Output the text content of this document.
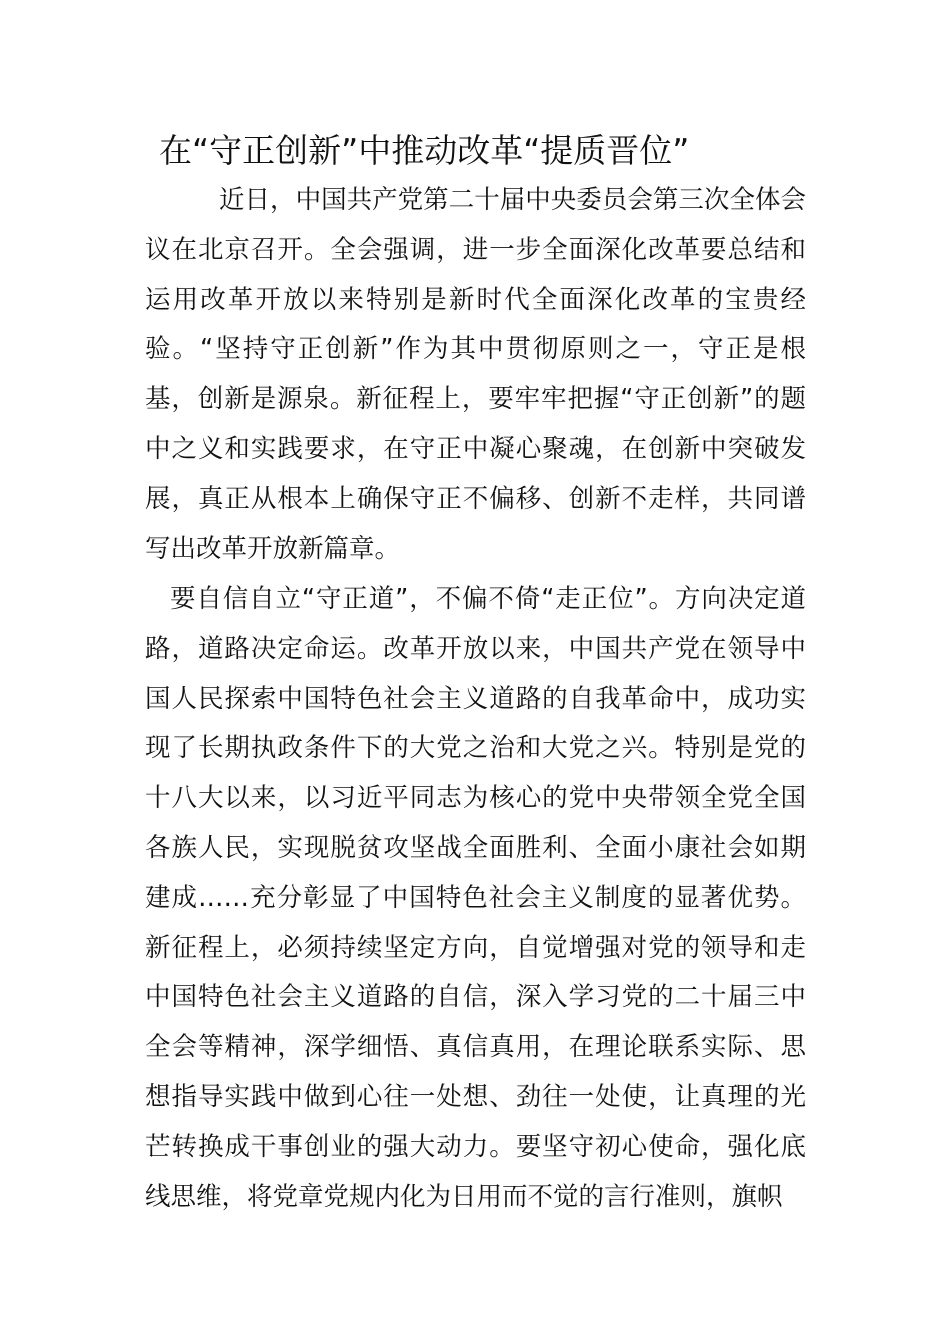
在“守正创新”中推动改革“提质晋位”

近日，中国共产党第二十届中央委员会第三次全体会议在北京召开。全会强调，进一步全面深化改革要总结和运用改革开放以来特别是新时代全面深化改革的宝贵经验。“坚持守正创新”作为其中贯彻原则之一，守正是根基，创新是源泉。新征程上，要牢牢把握“守正创新”的题中之义和实践要求，在守正中凝心聚魂，在创新中突破发展，真正从根本上确保守正不偏移、创新不走样，共同谱写出改革开放新篇章。

要自信自立“守正道”，不偏不倚“走正位”。方向决定道路，道路决定命运。改革开放以来，中国共产党在领导中国人民探索中国特色社会主义道路的自我革命中，成功实现了长期执政条件下的大党之治和大党之兴。特别是党的十八大以来，以习近平同志为核心的党中央带领全党全国各族人民，实现脱贫攻坚战全面胜利、全面小康社会如期建成……充分彰显了中国特色社会主义制度的显著优势。新征程上，必须持续坚定方向，自觉增强对党的领导和走中国特色社会主义道路的自信，深入学习党的二十届三中全会等精神，深学细悟、真信真用，在理论联系实际、思想指导实践中做到心往一处想、劲往一处使，让真理的光芒转换成干事创业的强大动力。要坚守初心使命，强化底线思维，将党章党规内化为日用而不觉的言行准则，旗帜
